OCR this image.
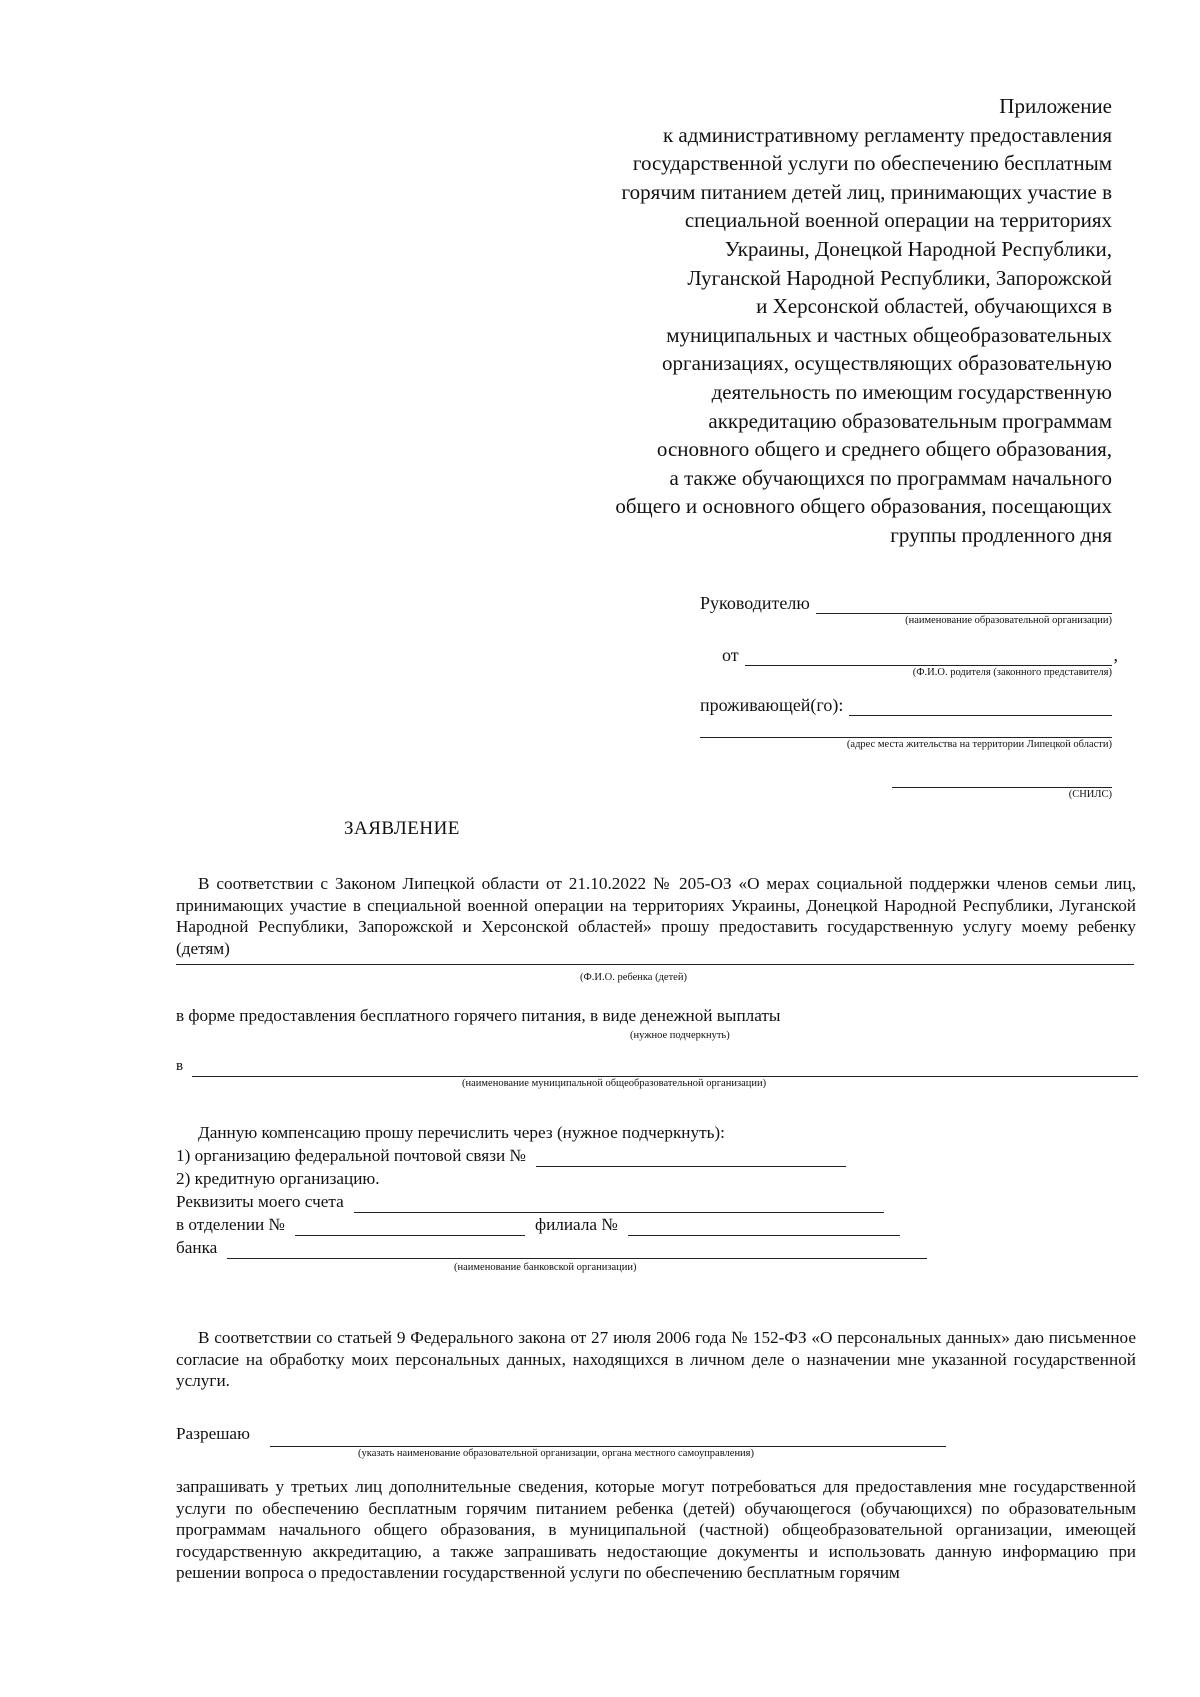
Приложение
к административному регламенту предоставления
государственной услуги по обеспечению бесплатным
горячим питанием детей лиц, принимающих участие в
специальной военной операции на территориях
Украины, Донецкой Народной Республики,
Луганской Народной Республики, Запорожской
и Херсонской областей, обучающихся в
муниципальных и частных общеобразовательных
организациях, осуществляющих образовательную
деятельность по имеющим государственную
аккредитацию образовательным программам
основного общего и среднего общего образования,
а также обучающихся по программам начального
общего и основного общего образования, посещающих
группы продленного дня
Руководителю
(наименование образовательной организации)
от	,
(Ф.И.О. родителя (законного представителя)
проживающей(го):
(адрес места жительства на территории Липецкой области)
(СНИЛС)
ЗАЯВЛЕНИЕ
В соответствии с Законом Липецкой области от 21.10.2022 № 205-ОЗ «О мерах социальной поддержки членов семьи лиц, принимающих участие в специальной военной операции на территориях Украины, Донецкой Народной Республики, Луганской Народной Республики, Запорожской и Херсонской областей» прошу предоставить государственную услугу моему ребенку (детям)
(Ф.И.О. ребенка (детей)
в форме предоставления бесплатного горячего питания, в виде денежной выплаты
(нужное подчеркнуть)
в
(наименование муниципальной общеобразовательной организации)
Данную компенсацию прошу перечислить через (нужное подчеркнуть):
1) организацию федеральной почтовой связи №
2) кредитную организацию.
Реквизиты моего счета
в отделении №	филиала №
банка
(наименование банковской организации)
В соответствии со статьей 9 Федерального закона от 27 июля 2006 года № 152-ФЗ «О персональных данных» даю письменное согласие на обработку моих персональных данных, находящихся в личном деле о назначении мне указанной государственной услуги.
Разрешаю
(указать наименование образовательной организации, органа местного самоуправления)
запрашивать у третьих лиц дополнительные сведения, которые могут потребоваться для предоставления мне государственной услуги по обеспечению бесплатным горячим питанием ребенка (детей) обучающегося (обучающихся) по образовательным программам начального общего образования, в муниципальной (частной) общеобразовательной организации, имеющей государственную аккредитацию, а также запрашивать недостающие документы и использовать данную информацию при решении вопроса о предоставлении государственной услуги по обеспечению бесплатным горячим
